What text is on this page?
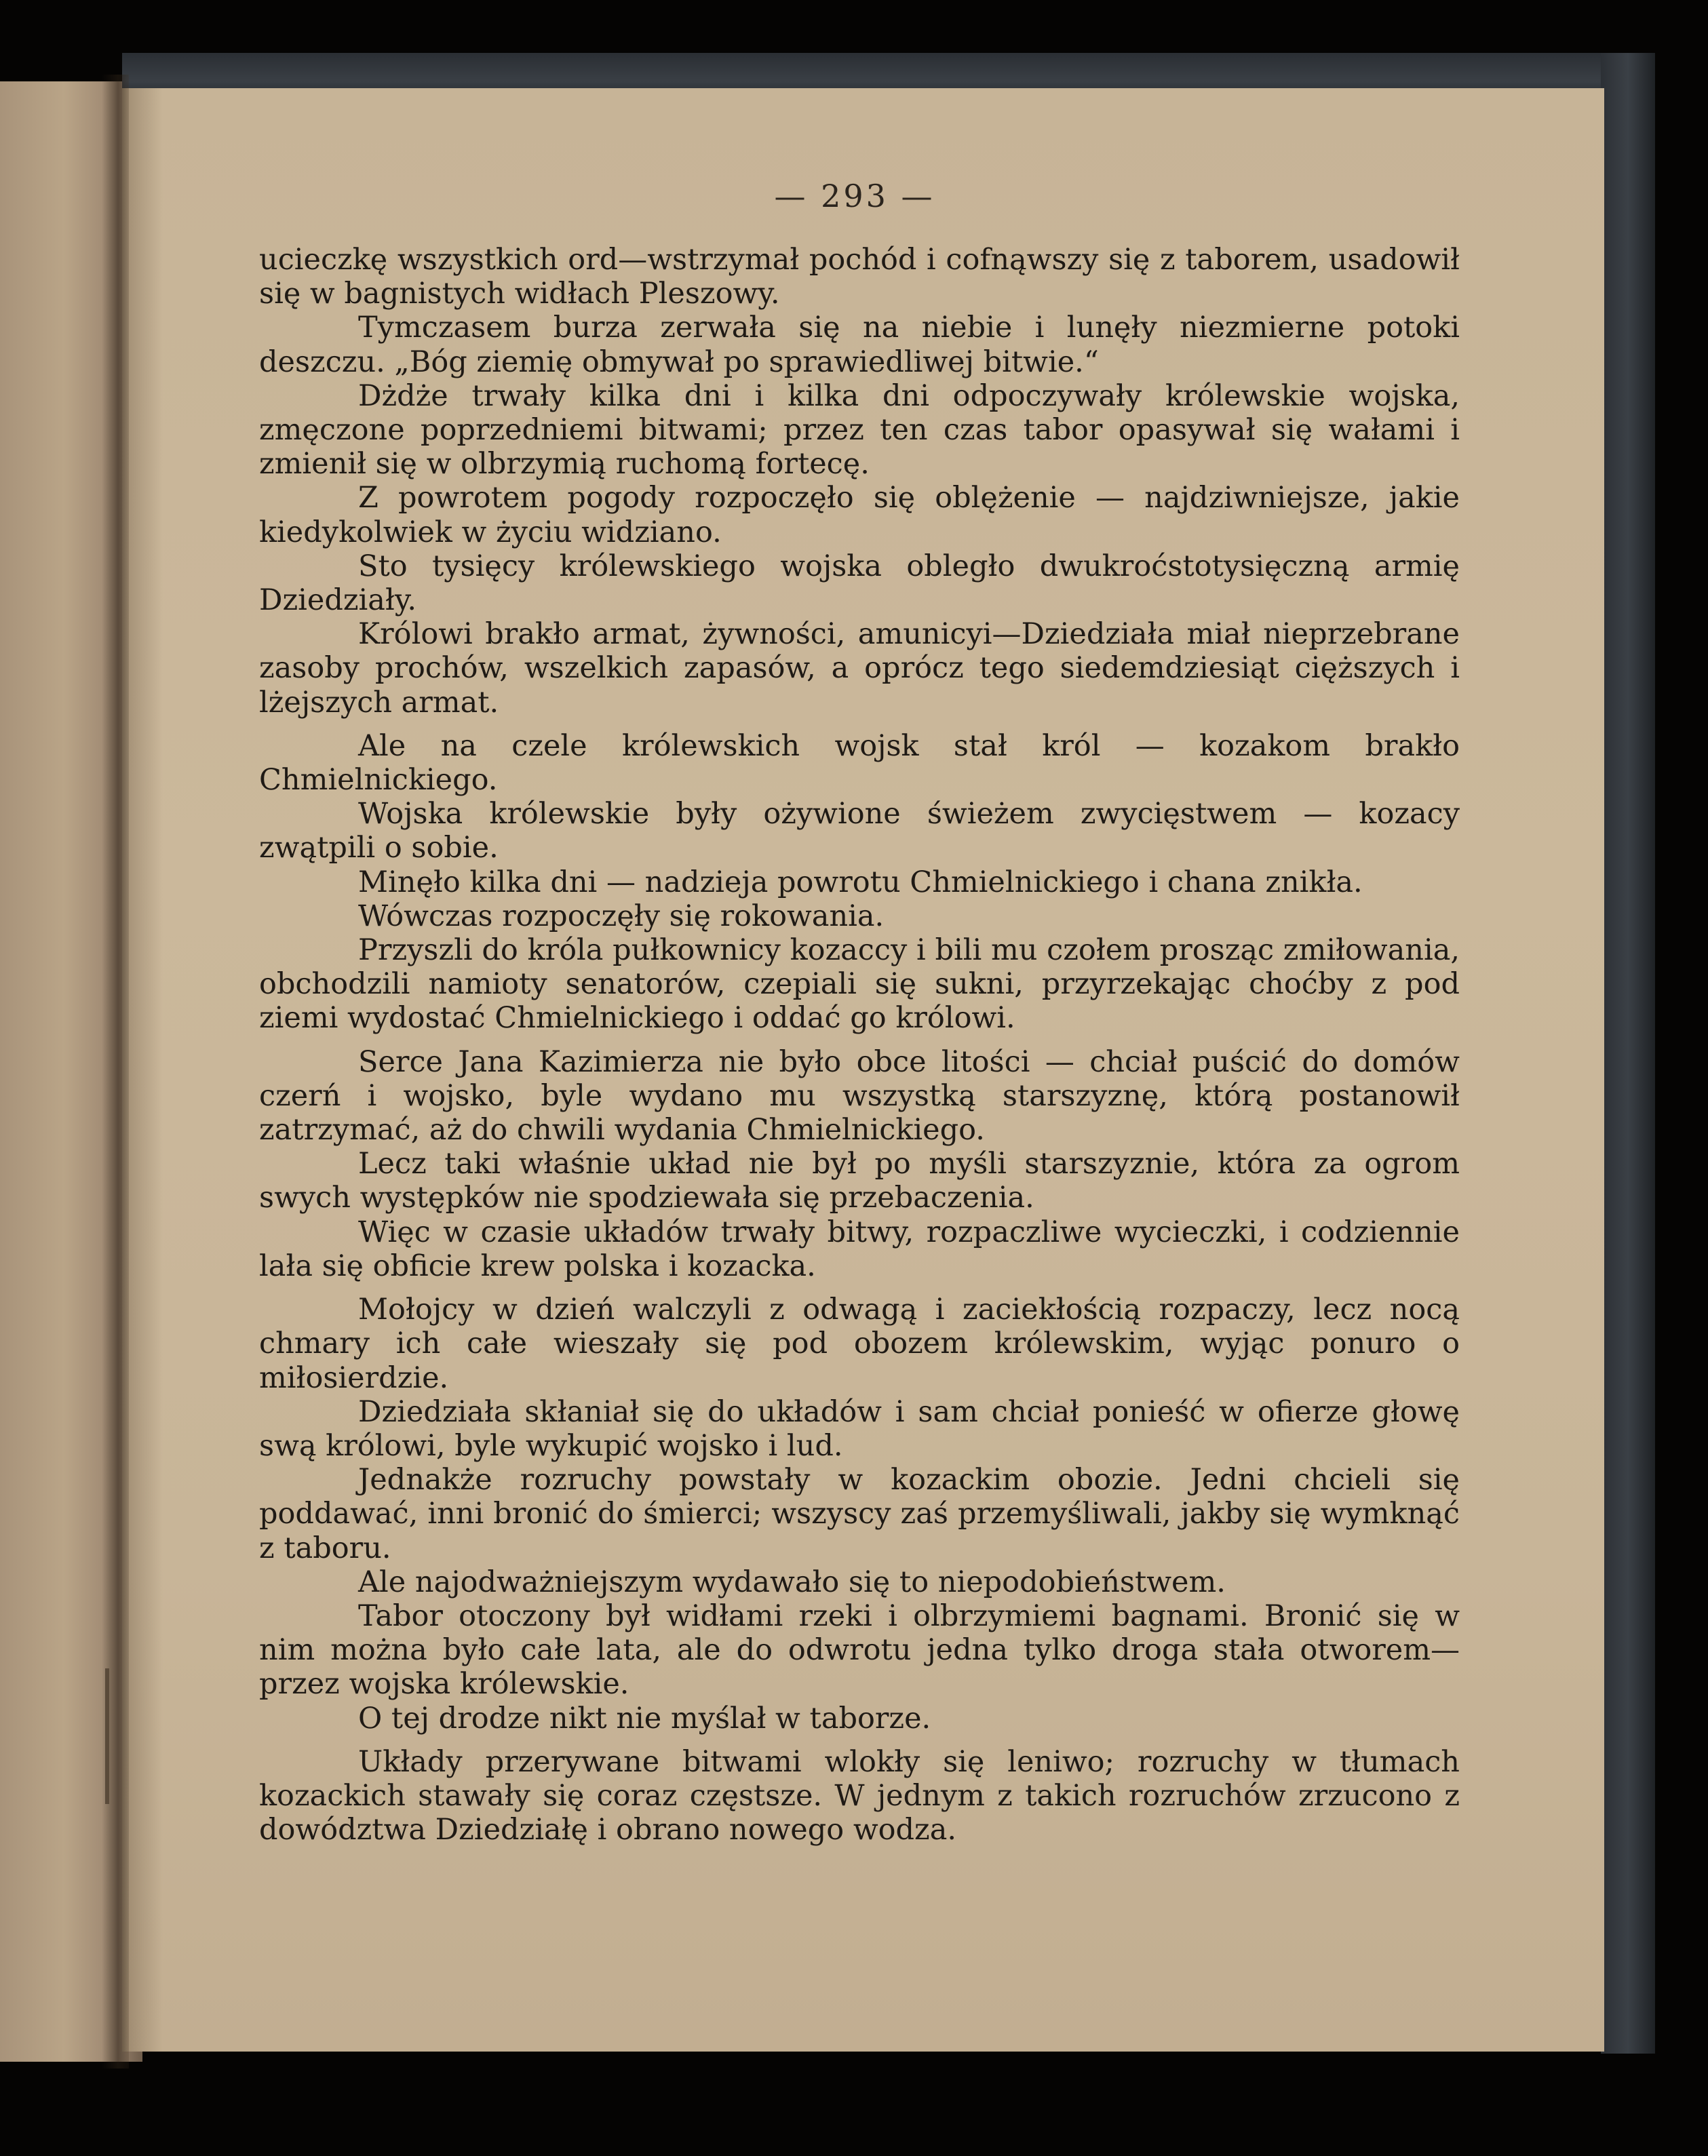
— 293 —

ucieczkę wszystkich ord—wstrzymał pochód i cofnąwszy się z taborem, usadowił się w bagnistych widłach Pleszowy.

Tymczasem burza zerwała się na niebie i lunęły niezmierne potoki deszczu. „Bóg ziemię obmywał po sprawiedliwej bitwie.“

Dżdże trwały kilka dni i kilka dni odpoczywały królewskie wojska, zmęczone poprzedniemi bitwami; przez ten czas tabor opasywał się wałami i zmienił się w olbrzymią ruchomą fortecę.

Z powrotem pogody rozpoczęło się oblężenie — najdziwniejsze, jakie kiedykolwiek w życiu widziano.

Sto tysięcy królewskiego wojska obległo dwukroćstotysięczną armię Dziedziały.

Królowi brakło armat, żywności, amunicyi—Dziedziała miał nieprzebrane zasoby prochów, wszelkich zapasów, a oprócz tego siedemdziesiąt cięższych i lżejszych armat.

Ale na czele królewskich wojsk stał król — kozakom brakło Chmielnickiego.

Wojska królewskie były ożywione świeżem zwycięstwem — kozacy zwątpili o sobie.

Minęło kilka dni — nadzieja powrotu Chmielnickiego i chana znikła.

Wówczas rozpoczęły się rokowania.

Przyszli do króla pułkownicy kozaccy i bili mu czołem prosząc zmiłowania, obchodzili namioty senatorów, czepiali się sukni, przyrzekając choćby z pod ziemi wydostać Chmielnickiego i oddać go królowi.

Serce Jana Kazimierza nie było obce litości — chciał puścić do domów czerń i wojsko, byle wydano mu wszystką starszyznę, którą postanowił zatrzymać, aż do chwili wydania Chmielnickiego.

Lecz taki właśnie układ nie był po myśli starszyznie, która za ogrom swych występków nie spodziewała się przebaczenia.

Więc w czasie układów trwały bitwy, rozpaczliwe wycieczki, i codziennie lała się obficie krew polska i kozacka.

Mołojcy w dzień walczyli z odwagą i zaciekłością rozpaczy, lecz nocą chmary ich całe wieszały się pod obozem królewskim, wyjąc ponuro o miłosierdzie.

Dziedziała skłaniał się do układów i sam chciał ponieść w ofierze głowę swą królowi, byle wykupić wojsko i lud.

Jednakże rozruchy powstały w kozackim obozie. Jedni chcieli się poddawać, inni bronić do śmierci; wszyscy zaś przemyśliwali, jakby się wymknąć z taboru.

Ale najodważniejszym wydawało się to niepodobieństwem.

Tabor otoczony był widłami rzeki i olbrzymiemi bagnami. Bronić się w nim można było całe lata, ale do odwrotu jedna tylko droga stała otworem—przez wojska królewskie.

O tej drodze nikt nie myślał w taborze.

Układy przerywane bitwami wlokły się leniwo; rozruchy w tłumach kozackich stawały się coraz częstsze. W jednym z takich rozruchów zrzucono z dowództwa Dziedziałę i obrano nowego wodza.
